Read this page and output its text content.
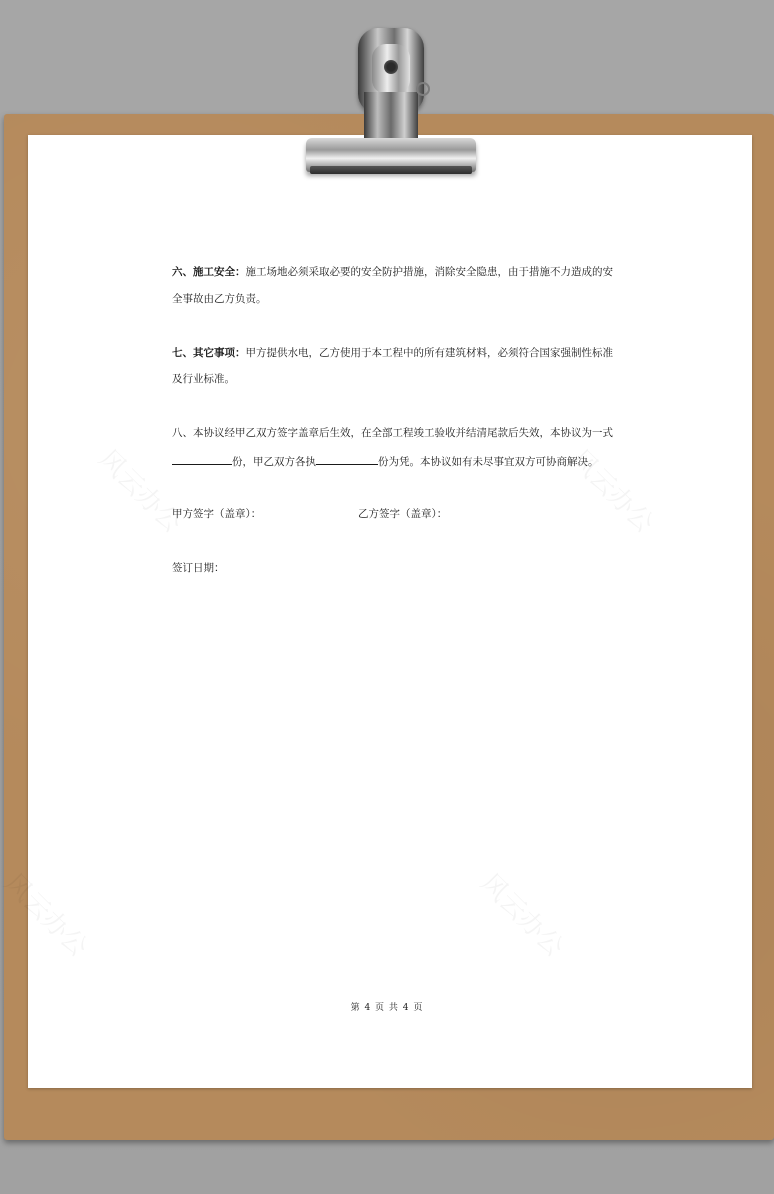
六、施工安全：施工场地必须采取必要的安全防护措施，消除安全隐患，由于措施不力造成的安
全事故由乙方负责。
七、其它事项：甲方提供水电，乙方使用于本工程中的所有建筑材料，必须符合国家强制性标准
及行业标准。
八、本协议经甲乙双方签字盖章后生效，在全部工程竣工验收并结清尾款后失效，本协议为一式
份，甲乙双方各执	份为凭。本协议如有未尽事宜双方可协商解决。
甲方签字（盖章）：	乙方签字（盖章）：
签订日期：
第 4 页 共 4 页
